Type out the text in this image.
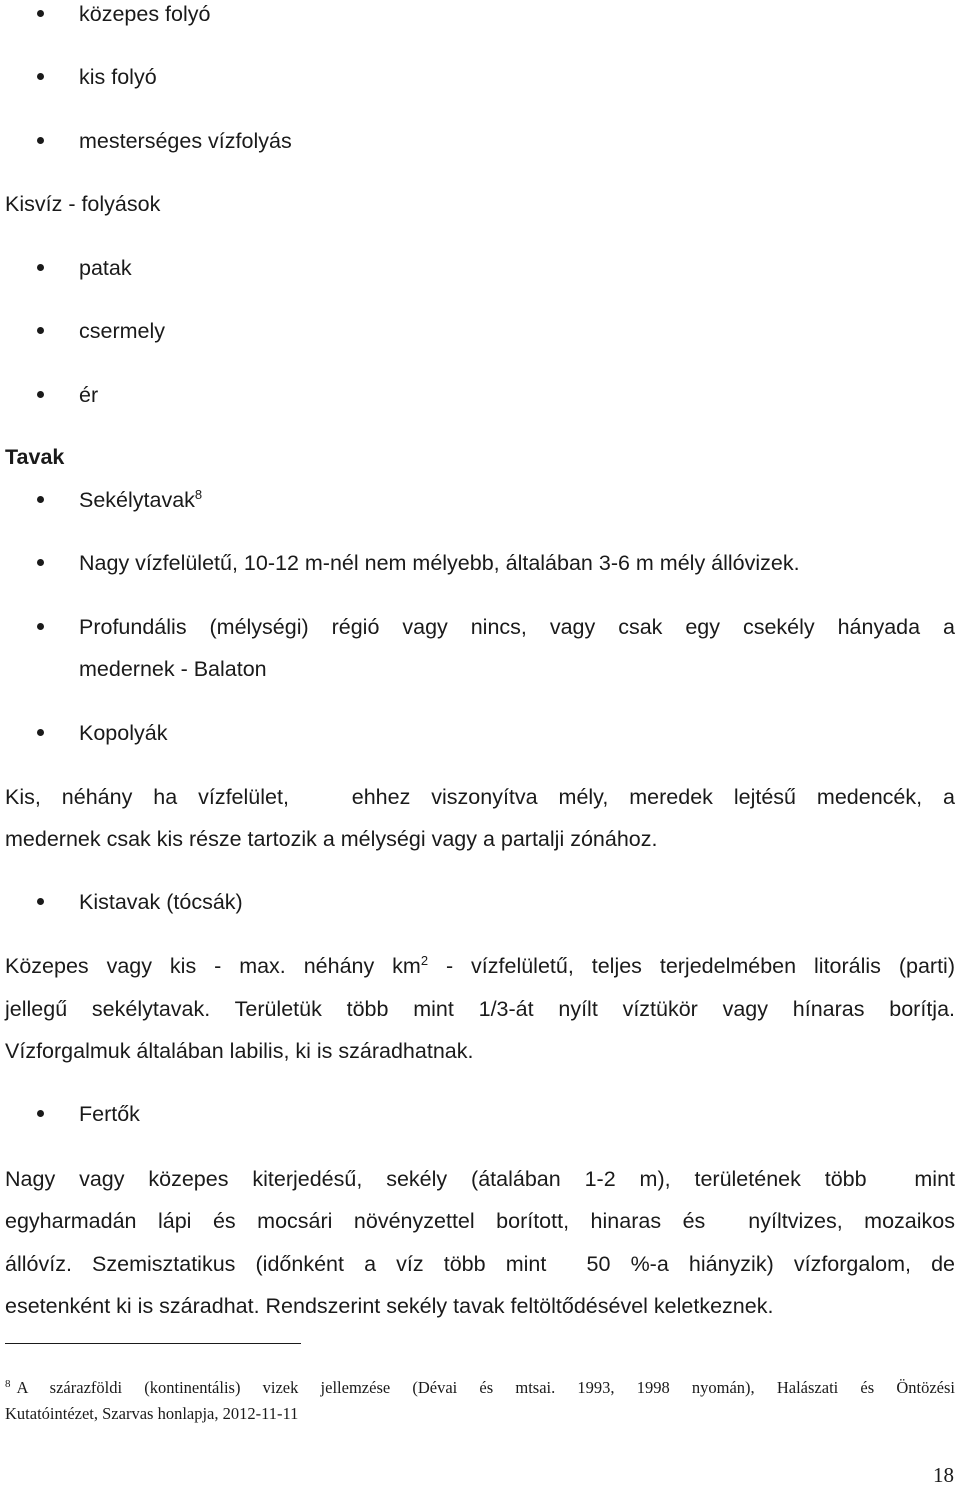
közepes folyó
kis folyó
mesterséges vízfolyás
Kisvíz - folyások
patak
csermely
ér
Tavak
Sekélytavak$^8$
Nagy vízfelületű, 10-12 m-nél nem mélyebb, általában 3-6 m mély állóvizek.
Profundális (mélységi) régió vagy nincs, vagy csak egy csekély hányada a
medernek - Balaton
Kopolyák
Kis, néhány ha vízfelület,   ehhez viszonyítva mély, meredek lejtésű medencék, a
medernek csak kis része tartozik a mélységi vagy a partalji zónához.
Kistavak (tócsák)
Közepes vagy kis - max. néhány $km^2$ - vízfelületű, teljes terjedelmében litorális (parti)
jellegű sekélytavak. Területük több mint 1/3-át nyílt víztükör vagy hínaras borítja.
Vízforgalmuk általában labilis, ki is száradhatnak.
Fertők
Nagy vagy közepes kiterjedésű, sekély (átalában 1-2 m), területének több  mint
egyharmadán lápi és mocsári növényzettel borított, hinaras és  nyíltvizes, mozaikos
állóvíz. Szemisztatikus (időnként a víz több mint  50 %-a hiányzik) vízforgalom, de
esetenként ki is száradhat. Rendszerint sekély tavak feltöltődésével keletkeznek.
$^8$ A szárazföldi (kontinentális) vizek jellemzése (Dévai és mtsai. 1993, 1998 nyomán), Halászati és Öntözési
Kutatóintézet, Szarvas honlapja, 2012-11-11
18
